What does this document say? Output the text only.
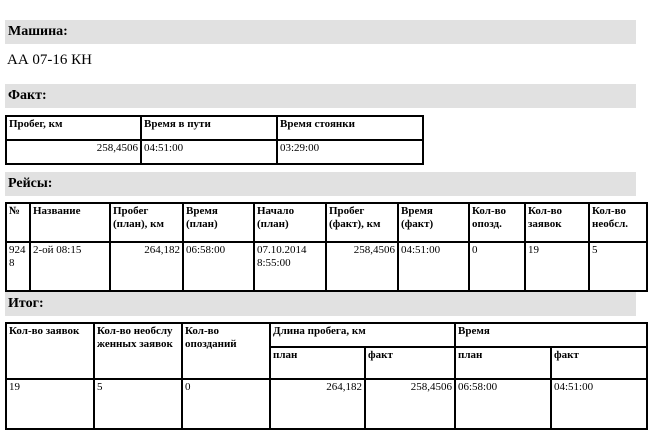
Машина:
АА 07-16 КН
Факт:
Пробег, км	Время в пути	Время стоянки
258,4506	04:51:00	03:29:00
Рейсы:
№	Название	Пробег (план), км	Время (план)	Начало (план)	Пробег (факт), км	Время (факт)	Кол-во опозд.	Кол-во заявок	Кол-во необсл.
9248	2-ой 08:15	264,182	06:58:00	07.10.2014 8:55:00	258,4506	04:51:00	0	19	5
Итог:
Кол-во заявок	Кол-во необслуженных заявок	Кол-во опозданий	Длина пробега, км		Время	
			план	факт	план	факт
19	5	0	264,182	258,4506	06:58:00	04:51:00
